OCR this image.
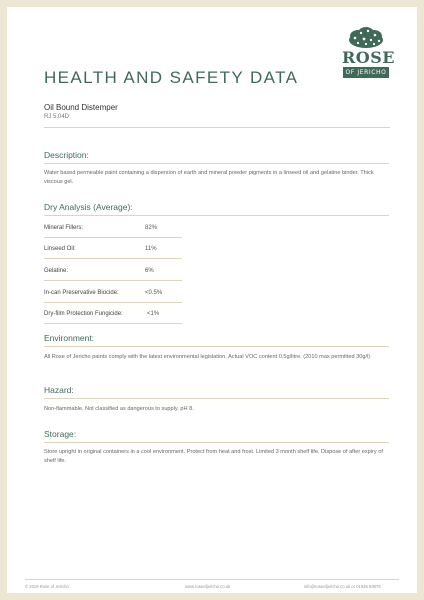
HEALTH AND SAFETY DATA
ROSE
OF JERICHO
Oil Bound Distemper
RJ 5.04D
Description:
Water based permeable paint containing a dispersion of earth and mineral powder pigments in a linseed oil and gelatine binder. Thick viscous gel.
Dry Analysis (Average):
Mineral Fillers:	82%
Linseed Oil:	11%
Gelatine:	6%
In-can Preservative Biocide:	<0.5%
Dry-film Protection Fungicide:	<1%
Environment:
All Rose of Jericho paints comply with the latest environmental legislation. Actual VOC content 0.5g/litre. (2010 max permitted 30g/l)
Hazard:
Non-flammable. Not classified as dangerous to supply. pH 8.
Storage:
Store upright in original containers in a cool environment. Protect from heat and frost. Limited 3 month shelf life. Dispose of after expiry of shelf life.
© 2019 Rose of Jericho	www.roseofjericho.co.uk	info@roseofjericho.co.uk or 01935 83676
